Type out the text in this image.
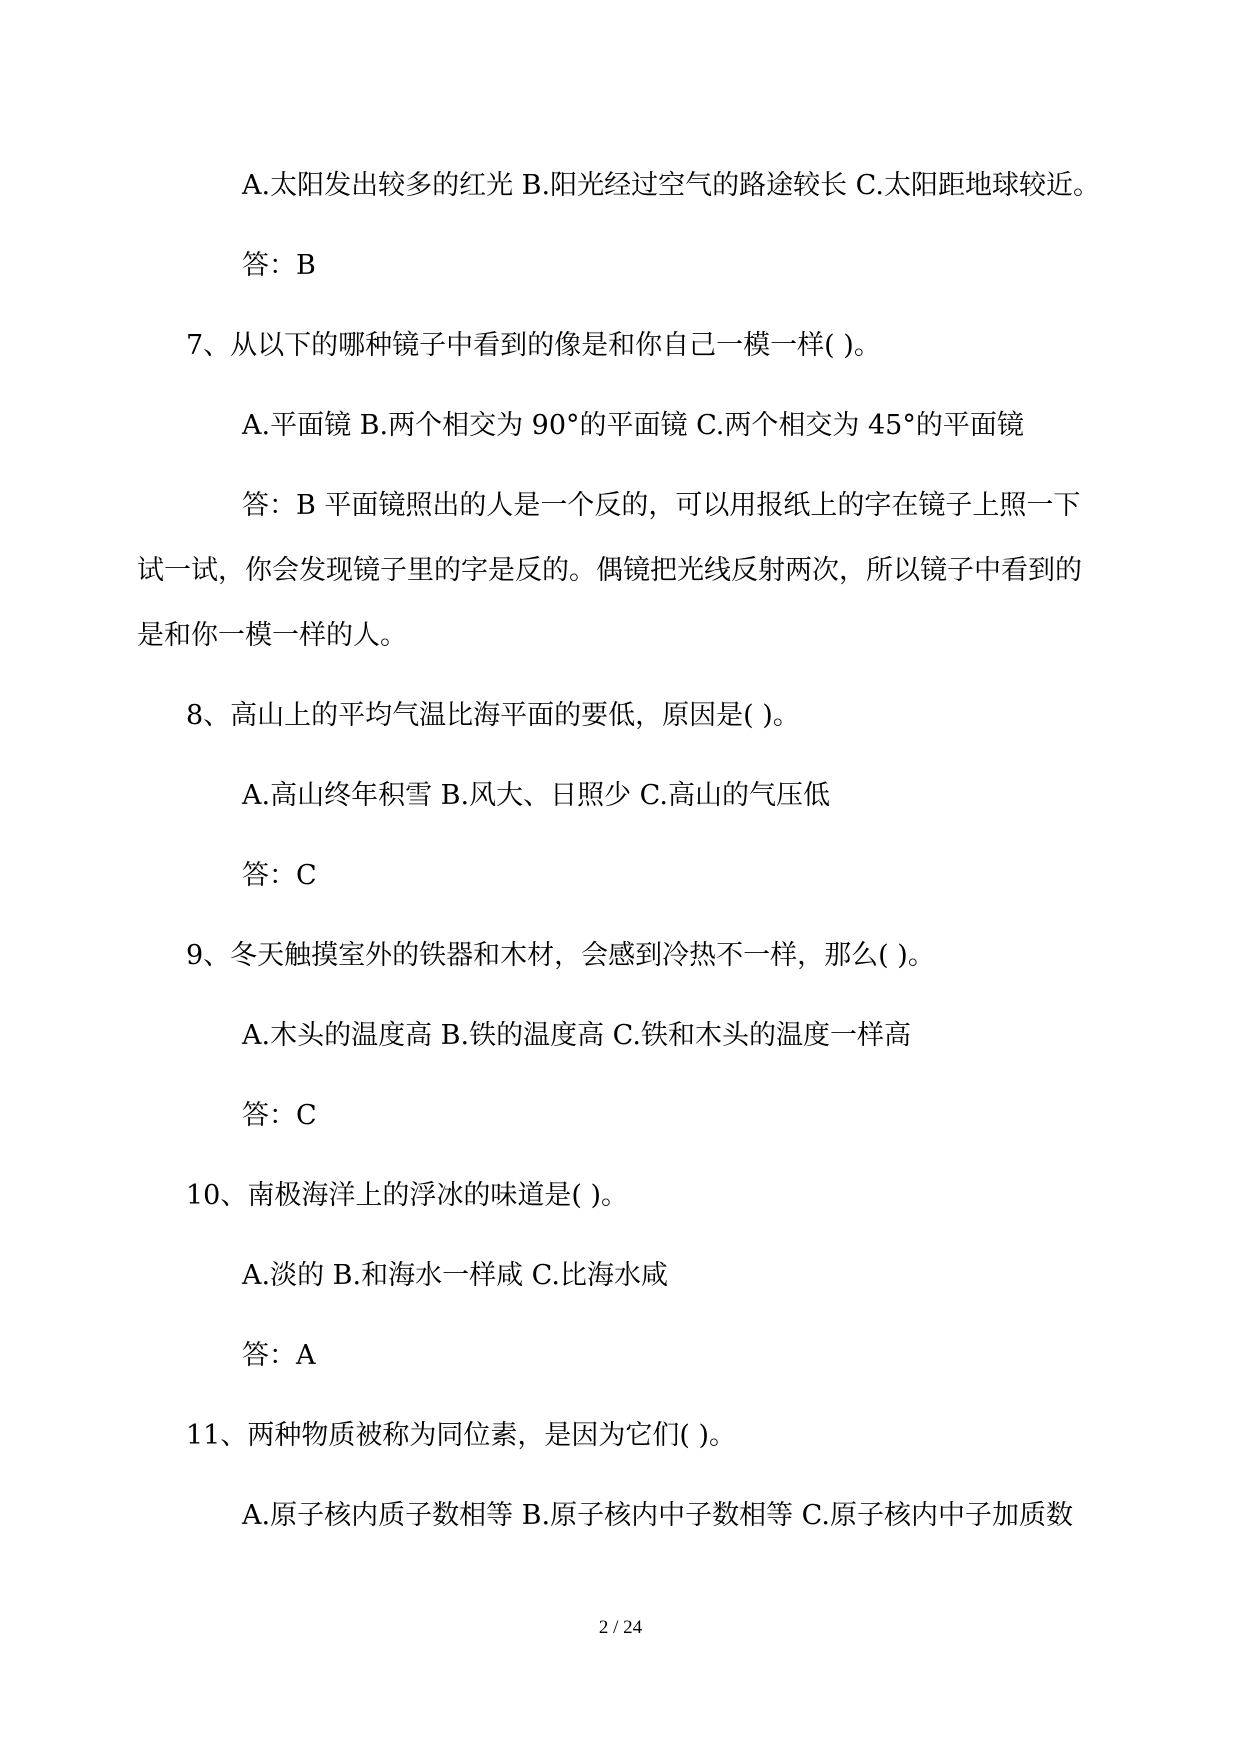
A.太阳发出较多的红光 B.阳光经过空气的路途较长 C.太阳距地球较近。
答：B
7、从以下的哪种镜子中看到的像是和你自己一模一样( )。
A.平面镜 B.两个相交为 90°的平面镜 C.两个相交为 45°的平面镜
答：B 平面镜照出的人是一个反的，可以用报纸上的字在镜子上照一下
试一试，你会发现镜子里的字是反的。偶镜把光线反射两次，所以镜子中看到的
是和你一模一样的人。
8、高山上的平均气温比海平面的要低，原因是( )。
A.高山终年积雪 B.风大、日照少 C.高山的气压低
答：C
9、冬天触摸室外的铁器和木材，会感到冷热不一样，那么( )。
A.木头的温度高 B.铁的温度高 C.铁和木头的温度一样高
答：C
10、南极海洋上的浮冰的味道是( )。
A.淡的 B.和海水一样咸 C.比海水咸
答：A
11、两种物质被称为同位素，是因为它们( )。
A.原子核内质子数相等 B.原子核内中子数相等 C.原子核内中子加质数
2 / 24
